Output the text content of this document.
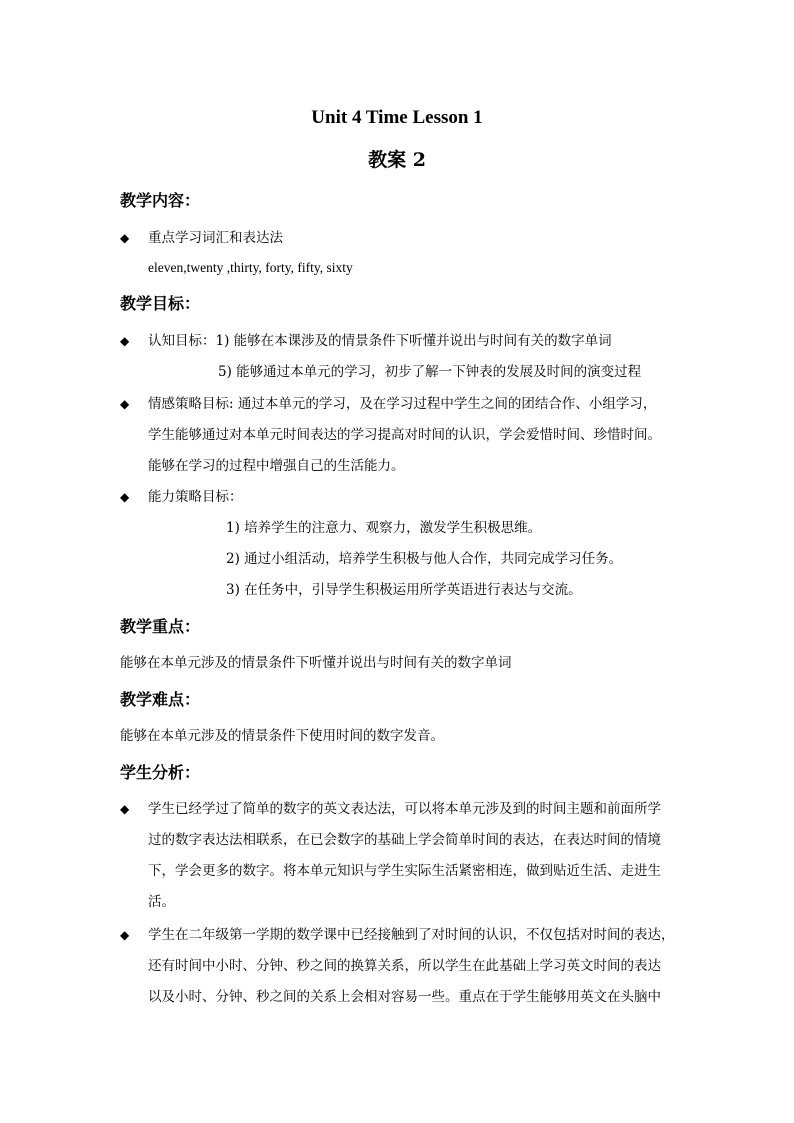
Unit 4 Time Lesson 1
教案 2
教学内容：
◆ 重点学习词汇和表达法
eleven,twenty ,thirty, forty, fifty, sixty
教学目标：
◆ 认知目标：1) 能够在本课涉及的情景条件下听懂并说出与时间有关的数字单词
5) 能够通过本单元的学习，初步了解一下钟表的发展及时间的演变过程
◆ 情感策略目标: 通过本单元的学习，及在学习过程中学生之间的团结合作、小组学习，
学生能够通过对本单元时间表达的学习提高对时间的认识，学会爱惜时间、珍惜时间。
能够在学习的过程中增强自己的生活能力。
◆ 能力策略目标：
1) 培养学生的注意力、观察力，激发学生积极思维。
2) 通过小组活动，培养学生积极与他人合作，共同完成学习任务。
3) 在任务中，引导学生积极运用所学英语进行表达与交流。
教学重点：
能够在本单元涉及的情景条件下听懂并说出与时间有关的数字单词
教学难点：
能够在本单元涉及的情景条件下使用时间的数字发音。
学生分析：
◆ 学生已经学过了简单的数字的英文表达法，可以将本单元涉及到的时间主题和前面所学
过的数字表达法相联系，在已会数字的基础上学会简单时间的表达，在表达时间的情境
下，学会更多的数字。将本单元知识与学生实际生活紧密相连，做到贴近生活、走进生
活。
◆ 学生在二年级第一学期的数学课中已经接触到了对时间的认识，不仅包括对时间的表达，
还有时间中小时、分钟、秒之间的换算关系，所以学生在此基础上学习英文时间的表达
以及小时、分钟、秒之间的关系上会相对容易一些。重点在于学生能够用英文在头脑中
